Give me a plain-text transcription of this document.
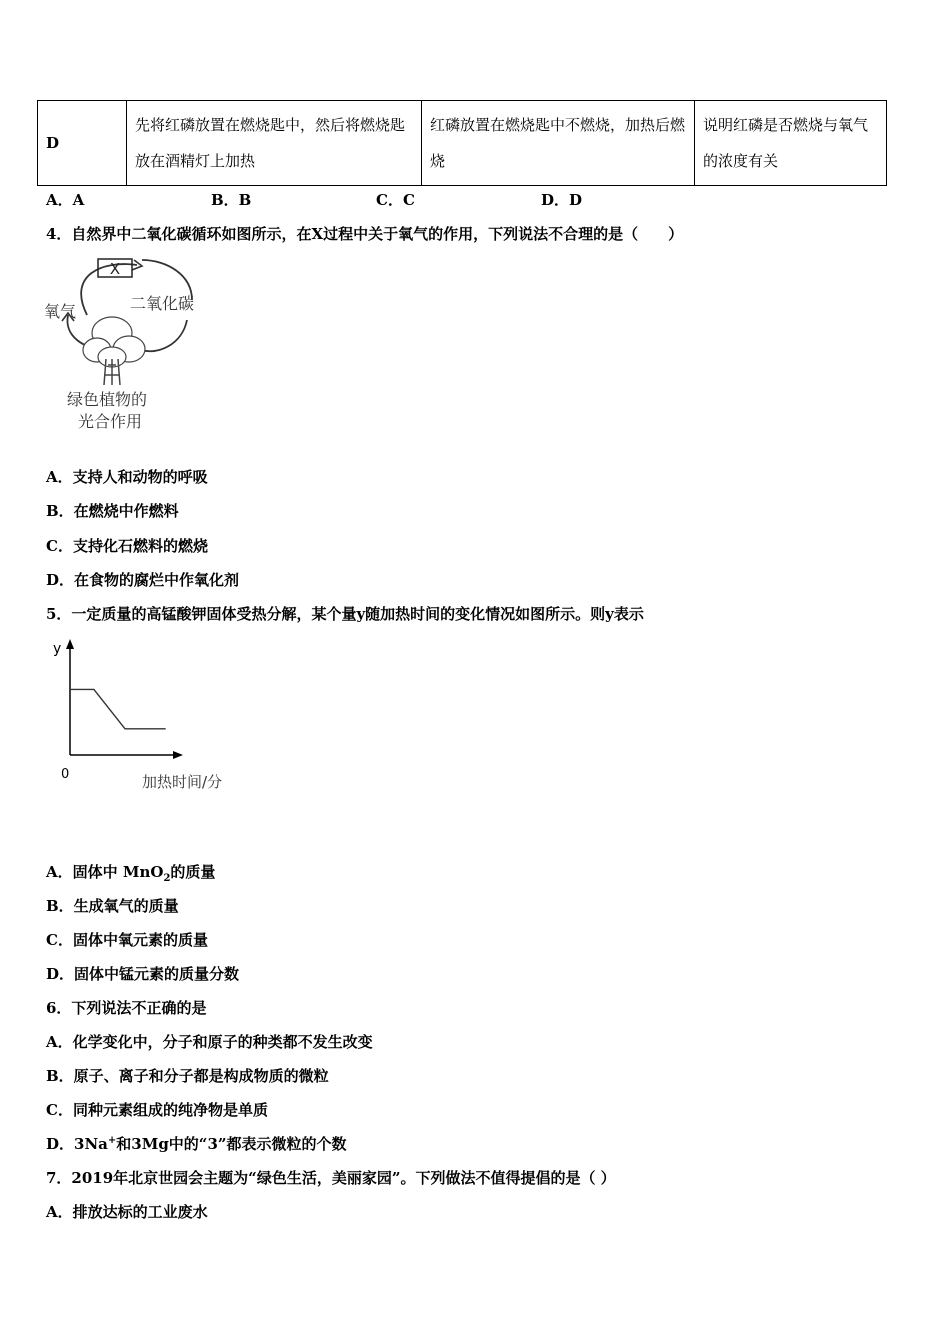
D	先将红磷放置在燃烧匙中，然后将燃烧匙放在酒精灯上加热	红磷放置在燃烧匙中不燃烧，加热后燃烧	说明红磷是否燃烧与氧气的浓度有关
A．A	B．B	C．C	D．D
4．自然界中二氧化碳循环如图所示，在X过程中关于氧气的作用，下列说法不合理的是（　　）
X
氧气	二氧化碳
绿色植物的
光合作用
A．支持人和动物的呼吸
B．在燃烧中作燃料
C．支持化石燃料的燃烧
D．在食物的腐烂中作氧化剂
5．一定质量的高锰酸钾固体受热分解，某个量y随加热时间的变化情况如图所示。则y表示
y
0	加热时间/分
A．固体中 MnO$_2$的质量
B．生成氧气的质量
C．固体中氧元素的质量
D．固体中锰元素的质量分数
6．下列说法不正确的是
A．化学变化中，分子和原子的种类都不发生改变
B．原子、离子和分子都是构成物质的微粒
C．同种元素组成的纯净物是单质
D．3Na+和3Mg中的“3”都表示微粒的个数
7．2019年北京世园会主题为“绿色生活，美丽家园”。下列做法不值得提倡的是（ ）
A．排放达标的工业废水
